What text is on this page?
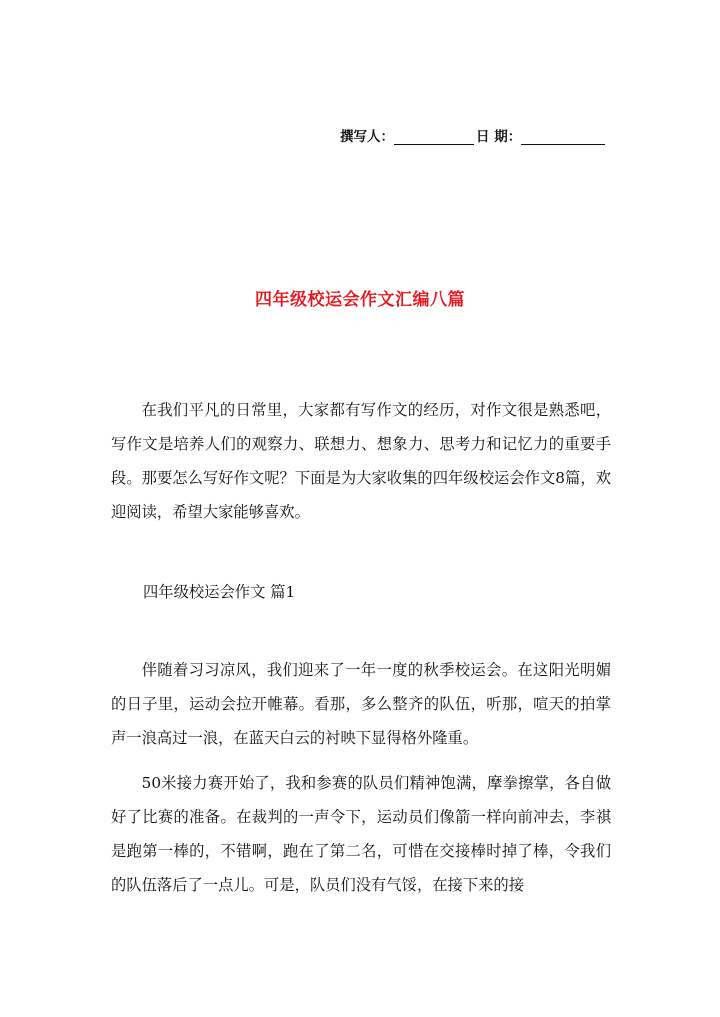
撰写人：	日 期：
四年级校运会作文汇编八篇

在我们平凡的日常里，大家都有写作文的经历，对作文很是熟悉吧，写作文是培养人们的观察力、联想力、想象力、思考力和记忆力的重要手段。那要怎么写好作文呢？下面是为大家收集的四年级校运会作文8篇，欢迎阅读，希望大家能够喜欢。

四年级校运会作文 篇1

伴随着习习凉风，我们迎来了一年一度的秋季校运会。在这阳光明媚的日子里，运动会拉开帷幕。看那，多么整齐的队伍，听那，喧天的拍掌声一浪高过一浪，在蓝天白云的衬映下显得格外隆重。

50米接力赛开始了，我和参赛的队员们精神饱满，摩拳擦掌，各自做好了比赛的准备。在裁判的一声令下，运动员们像箭一样向前冲去，李祺是跑第一棒的，不错啊，跑在了第二名，可惜在交接棒时掉了棒，令我们的队伍落后了一点儿。可是，队员们没有气馁，在接下来的接
